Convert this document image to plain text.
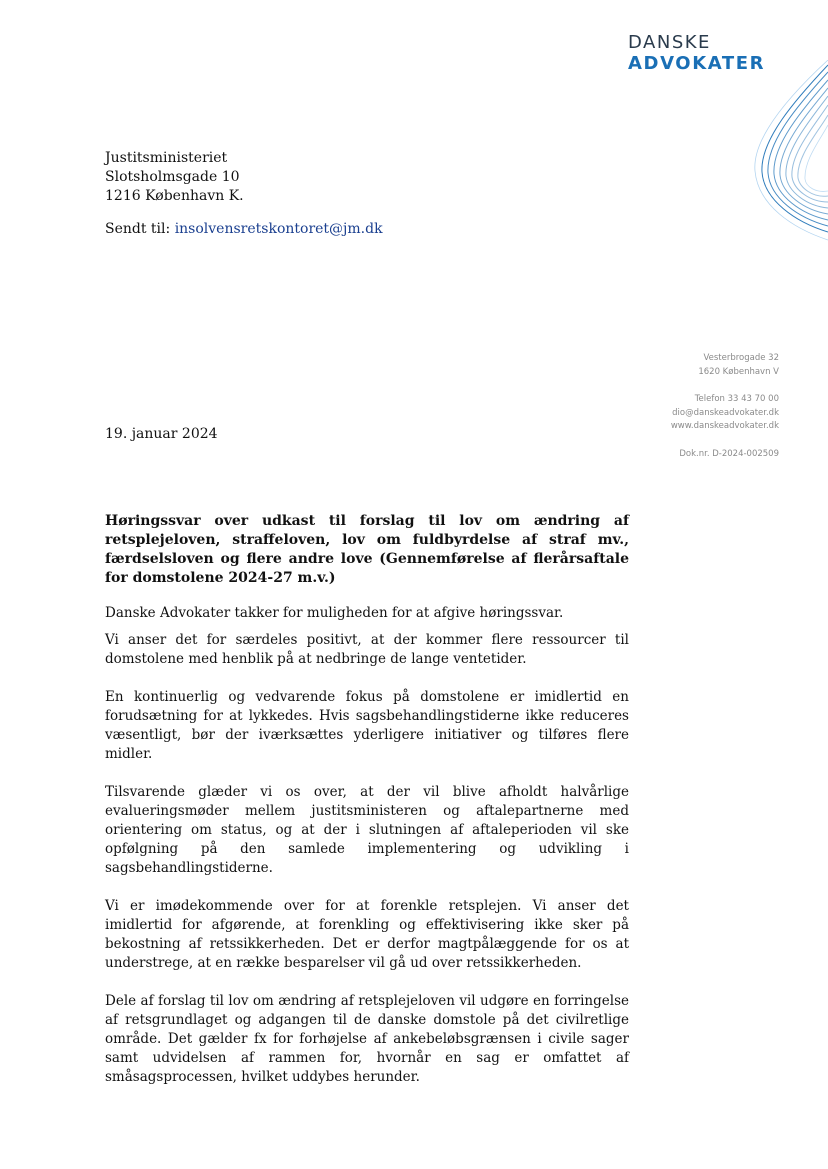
DANSKE
ADVOKATER
Justitsministeriet
Slotsholmsgade 10
1216 København K.
Sendt til: insolvensretskontoret@jm.dk
Vesterbrogade 32
1620 København V
Telefon 33 43 70 00
dio@danskeadvokater.dk
www.danskeadvokater.dk
Dok.nr. D-2024-002509
19. januar 2024

Høringssvar over udkast til forslag til lov om ændring af retsplejeloven, straffeloven, lov om fuldbyrdelse af straf mv., færdselsloven og flere andre love (Gennemførelse af flerårsaftale for domstolene 2024-27 m.v.)

Danske Advokater takker for muligheden for at afgive høringssvar.

Vi anser det for særdeles positivt, at der kommer flere ressourcer til domstolene med henblik på at nedbringe de lange ventetider.

En kontinuerlig og vedvarende fokus på domstolene er imidlertid en forudsætning for at lykkedes. Hvis sagsbehandlingstiderne ikke reduceres væsentligt, bør der iværksættes yderligere initiativer og tilføres flere midler.

Tilsvarende glæder vi os over, at der vil blive afholdt halvårlige evalueringsmøder mellem justitsministeren og aftalepartnerne med orientering om status, og at der i slutningen af aftaleperioden vil ske opfølgning på den samlede implementering og udvikling i sagsbehandlingstiderne.

Vi er imødekommende over for at forenkle retsplejen. Vi anser det imidlertid for afgørende, at forenkling og effektivisering ikke sker på bekostning af retssikkerheden. Det er derfor magtpålæggende for os at understrege, at en række besparelser vil gå ud over retssikkerheden.

Dele af forslag til lov om ændring af retsplejeloven vil udgøre en forringelse af retsgrundlaget og adgangen til de danske domstole på det civilretlige område. Det gælder fx for forhøjelse af ankebeløbsgrænsen i civile sager samt udvidelsen af rammen for, hvornår en sag er omfattet af småsagsprocessen, hvilket uddybes herunder.
